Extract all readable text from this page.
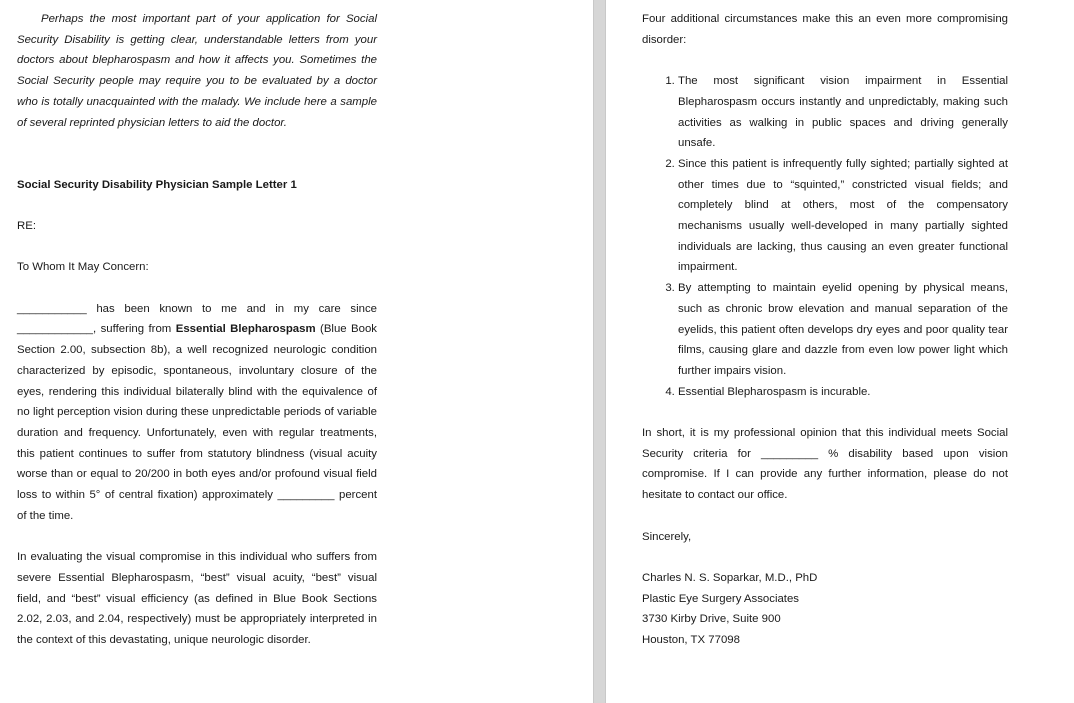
Perhaps the most important part of your application for Social Security Disability is getting clear, understandable letters from your doctors about blepharospasm and how it affects you. Sometimes the Social Security people may require you to be evaluated by a doctor who is totally unacquainted with the malady. We include here a sample of several reprinted physician letters to aid the doctor.

Social Security Disability Physician Sample Letter 1

RE:

To Whom It May Concern:

___________ has been known to me and in my care since ____________, suffering from Essential Blepharospasm (Blue Book Section 2.00, subsection 8b), a well recognized neurologic condition characterized by episodic, spontaneous, involuntary closure of the eyes, rendering this individual bilaterally blind with the equivalence of no light perception vision during these unpredictable periods of variable duration and frequency. Unfortunately, even with regular treatments, this patient continues to suffer from statutory blindness (visual acuity worse than or equal to 20/200 in both eyes and/or profound visual field loss to within 5° of central fixation) approximately _________ percent of the time.

In evaluating the visual compromise in this individual who suffers from severe Essential Blepharospasm, “best” visual acuity, “best” visual field, and “best” visual efficiency (as defined in Blue Book Sections 2.02, 2.03, and 2.04, respectively) must be appropriately interpreted in the context of this devastating, unique neurologic disorder.

Four additional circumstances make this an even more compromising disorder:

1. The most significant vision impairment in Essential Blepharospasm occurs instantly and unpredictably, making such activities as walking in public spaces and driving generally unsafe.
2. Since this patient is infrequently fully sighted; partially sighted at other times due to “squinted,” constricted visual fields; and completely blind at others, most of the compensatory mechanisms usually well-developed in many partially sighted individuals are lacking, thus causing an even greater functional impairment.
3. By attempting to maintain eyelid opening by physical means, such as chronic brow elevation and manual separation of the eyelids, this patient often develops dry eyes and poor quality tear films, causing glare and dazzle from even low power light which further impairs vision.
4. Essential Blepharospasm is incurable.

In short, it is my professional opinion that this individual meets Social Security criteria for _________ % disability based upon vision compromise. If I can provide any further information, please do not hesitate to contact our office.

Sincerely,

Charles N. S. Soparkar, M.D., PhD

Plastic Eye Surgery Associates

3730 Kirby Drive, Suite 900

Houston, TX 77098
